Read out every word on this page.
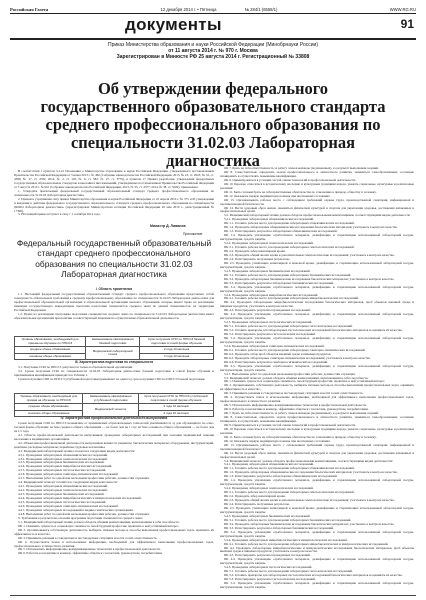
Российская Газета	12 декабря 2014 г. • Пятница	№ 284/1 (6558/1)	WWW.RG.RU
документы	91
Приказ Министерства образования и науки Российской Федерации (Минобрнауки России)
от 11 августа 2014 г. № 970 г. Москва
Зарегистрирован в Минюсте РФ 25 августа 2014 г. Регистрационный № 33808
Об утверждении федерального государственного образовательного стандарта среднего профессионального образования по специальности 31.02.03 Лабораторная диагностика

В соответствии с пунктом 5.2.41 Положения о Министерстве образования и науки Российской Федерации, утвержденного постановлением Правительства Российской Федерации от 3 июня 2013 г. № 466 (Собрание законодательства Российской Федерации, 2013, № 23, ст. 2923; № 33, ст. 4386; № 37, ст. 4702; 2014, № 2, ст. 126; № 6, ст. 582; № 27, ст. 3776), и пунктом 17 Правил разработки, утверждения федеральных государственных образовательных стандартов и внесения в них изменений, утвержденных постановлением Правительства Российской Федерации от 5 августа 2013 г. № 661 (Собрание законодательства Российской Федерации, 2013, № 33, ст. 4377; 2014, № 38, ст. 5069), приказываю:

1. Утвердить прилагаемый федеральный государственный образовательный стандарт среднего профессионального образования по специальности 31.02.03 Лабораторная диагностика.

2. Признать утратившим силу приказ Министерства образования и науки Российской Федерации от 22 апреля 2010 г. № 375 «Об утверждении и введении в действие федерального государственного образовательного стандарта среднего профессионального образования по специальности 060604 Лабораторная диагностика» (зарегистрирован Министерством юстиции Российской Федерации 26 мая 2010 г., регистрационный № 17390).

3. Настоящий приказ вступает в силу с 1 сентября 2014 года.

Министр Д. Ливанов
Приложение
Федеральный государственный образовательный стандарт среднего профессионального образования по специальности 31.02.03 Лабораторная диагностика

I. Область применения

1.1. Настоящий федеральный государственный образовательный стандарт среднего профессионального образования представляет собой совокупность обязательных требований к среднему профессиональному образованию по специальности 31.02.03 Лабораторная диагностика для профессиональной образовательной организации и образовательной организации высшего образования, которые имеют право на реализацию имеющих государственную аккредитацию программ подготовки специалистов среднего звена по данной специальности, на территории Российской Федерации.

1.2. Право на реализацию программы подготовки специалистов среднего звена по специальности 31.02.03 Лабораторная диагностика имеет образовательная организация при наличии соответствующей лицензии на осуществление образовательной деятельности.

Уровень образования, необходимый для приема на обучение по ППССЗ	Наименование квалификации базовой подготовки	Срок получения СПО по ППССЗ базовой подготовки в очной форме обучения
среднее общее образование	Медицинский лабораторный техник	2 года 10 месяцев
основное общее образование		3 года 10 месяцев

III. Характеристика подготовки по специальности

3.1. Получение СПО по ППССЗ допускается только в образовательной организации.

3.2. Сроки получения СПО по специальности 31.02.03 Лабораторная диагностика базовой подготовки в очной форме обучения и присваиваемая квалификация приводятся в Таблице 1.

Сроки получения СПО по ППССЗ углубленной подготовки превышают на один год срок получения СПО по ППССЗ базовой подготовки.

Уровень образования, необходимый для приема на обучение по ППССЗ	Наименование квалификации углубленной подготовки	Срок получения СПО по ППССЗ углубленной подготовки в очной форме обучения
среднее общее образование	Медицинский технолог	3 года 10 месяцев
основное общее образование		4 года 10 месяцев

IV. Характеристика профессиональной деятельности выпускников

Сроки получения СПО по ППССЗ независимо от применяемых образовательных технологий увеличиваются: а) для обучающихся по очно-заочной форме обучения: на базе среднего общего образования — не более чем на 1 год; на базе основного общего образования — не более чем на 1,5 года.

4.1. Область профессиональной деятельности выпускников: проведение лабораторных исследований при оказании медицинской помощи населению в медицинских организациях.

4.2. Объектами профессиональной деятельности выпускников являются: пациенты; биологические материалы; оборудование, инструментарий, реактивы, расходные материалы; первичные трудовые коллективы.

4.3. Медицинский лабораторный техник готовится к следующим видам деятельности:

4.3.1. Проведение лабораторных общеклинических исследований.

4.3.2. Проведение лабораторных гематологических исследований.

4.3.3. Проведение лабораторных биохимических исследований.

4.3.4. Проведение лабораторных микробиологических исследований.

4.3.5. Проведение лабораторных гистологических исследований.

4.3.6. Проведение лабораторных санитарно-гигиенических исследований.

4.3.7. Выполнение работ по одной или нескольким профессиям рабочих, должностям служащих.

4.4. Медицинский технолог готовится к следующим видам деятельности:

4.4.1. Проведение лабораторных общеклинических исследований.

4.4.2. Проведение лабораторных гематологических исследований.

4.4.3. Проведение лабораторных биохимических исследований.

4.4.4. Проведение лабораторных микробиологических и иммунологических исследований.

4.4.5. Проведение лабораторных гистологических исследований.

4.4.6. Проведение лабораторных санитарно-гигиенических исследований.

4.4.7. Проведение лабораторных исследований в медико-генетических организациях.

4.4.8. Выполнение работ по одной или нескольким профессиям рабочих, должностям служащих.

V. Требования к результатам освоения программы подготовки специалистов среднего звена

5.1. Медицинский лабораторный техник должен обладать общими компетенциями, включающими в себя способность:

ОК 1. Понимать сущность и социальную значимость своей будущей профессии, проявлять к ней устойчивый интерес.

ОК 2. Организовывать собственную деятельность, выбирать типовые методы и способы выполнения профессиональных задач, оценивать их эффективность и качество.

ОК 3. Принимать решения в стандартных и нестандартных ситуациях и нести за них ответственность.

ОК 4. Осуществлять поиск и использование информации, необходимой для эффективного выполнения профессиональных задач, профессионального и личностного развития.

ОК 5. Использовать информационно-коммуникационные технологии в профессиональной деятельности.

ОК 6. Работать в коллективе и команде, эффективно общаться с коллегами, руководством, потребителями.

ОК 7. Брать на себя ответственность за работу членов команды (подчиненных), за результат выполнения заданий.

ОК 8. Самостоятельно определять задачи профессионального и личностного развития, заниматься самообразованием, осознанно планировать и осуществлять повышение квалификации.

ОК 9. Ориентироваться в условиях частой смены технологий в профессиональной деятельности.

ОК 10. Бережно относиться к историческому наследию и культурным традициям народа, уважать социальные, культурные и религиозные различия.

ОК 11. Быть готовым брать на себя нравственные обязательства по отношению к природе, обществу и человеку.

ОК 12. Оказывать первую медицинскую помощь при неотложных состояниях.

ОК 13. Организовывать рабочее место с соблюдением требований охраны труда, производственной санитарии, инфекционной и противопожарной безопасности.

ОК 14. Вести здоровый образ жизни, заниматься физической культурой и спортом для укрепления здоровья, достижения жизненных и профессиональных целей.

5.2. Медицинский лабораторный техник должен обладать профессиональными компетенциями, соответствующими видам деятельности:

5.2.1. Проведение лабораторных общеклинических исследований.

ПК 1.1. Готовить рабочее место для проведения лабораторных общеклинических исследований.

ПК 1.2. Проводить лабораторные общеклинические исследования биологических материалов; участвовать в контроле качества.

ПК 1.3. Регистрировать результаты лабораторных общеклинических исследований.

ПК 1.4. Проводить утилизацию отработанного материала, дезинфекцию и стерилизацию использованной лабораторной посуды, инструментария, средств защиты.

5.2.2. Проведение лабораторных гематологических исследований.

ПК 2.1. Готовить рабочее место для проведения лабораторных гематологических исследований.

ПК 2.2. Проводить забор капиллярной крови.

ПК 2.3. Проводить общий анализ крови и дополнительные гематологические исследования; участвовать в контроле качества.

ПК 2.4. Регистрировать полученные результаты.

ПК 2.5. Проводить утилизацию капиллярной и венозной крови, дезинфекцию и стерилизацию использованной лабораторной посуды, инструментария, средств защиты.

5.2.3. Проведение лабораторных биохимических исследований.

ПК 3.1. Готовить рабочее место для проведения лабораторных биохимических исследований.

ПК 3.2. Проводить лабораторные биохимические исследования биологических материалов; участвовать в контроле качества.

ПК 3.3. Регистрировать результаты лабораторных биохимических исследований.

ПК 3.4. Проводить утилизацию отработанного материала, дезинфекцию и стерилизацию использованной лабораторной посуды, инструментария, средств защиты.

5.2.4. Проведение лабораторных микробиологических исследований.

ПК 4.1. Готовить рабочее место для проведения лабораторных микробиологических исследований.

ПК 4.2. Проводить лабораторные микробиологические исследования биологических материалов, проб объектов внешней среды и пищевых продуктов; участвовать в контроле качества.

ПК 4.3. Регистрировать результаты проведенных исследований.

ПК 4.4. Проводить утилизацию отработанного материала, дезинфекцию и стерилизацию использованной лабораторной посуды, инструментария, средств защиты.

5.2.5. Проведение лабораторных гистологических исследований.

ПК 5.1. Готовить рабочее место для проведения лабораторных гистологических исследований.

ПК 5.2. Готовить препараты для лабораторных гистологических исследований биологических материалов и оценивать их качество.

ПК 5.3. Регистрировать результаты гистологических исследований.

ПК 5.4. Проводить утилизацию отработанного материала, дезинфекцию и стерилизацию использованной лабораторной посуды, инструментария, средств защиты.

5.2.6. Проведение лабораторных санитарно-гигиенических исследований.

ПК 6.1. Готовить рабочее место для проведения лабораторных санитарно-гигиенических исследований.

ПК 6.2. Проводить отбор проб объектов внешней среды и пищевых продуктов.

ПК 6.3. Проводить лабораторные санитарно-гигиенические исследования; участвовать в контроле качества.

ПК 6.4. Регистрировать результаты санитарно-гигиенических исследований.

ПК 6.5. Проводить утилизацию отработанного материала, дезинфекцию и стерилизацию использованной лабораторной посуды, инструментария, средств защиты.

5.2.7. Выполнение работ по одной или нескольким профессиям рабочих, должностям служащих.

5.3. Медицинский технолог должен обладать общими компетенциями, включающими в себя способность:

ОК 1. Понимать сущность и социальную значимость своей будущей профессии, проявлять к ней устойчивый интерес.

ОК 2. Организовывать собственную деятельность, выбирать типовые методы и способы выполнения профессиональных задач, оценивать их эффективность и качество.

ОК 3. Принимать решения в стандартных и нестандартных ситуациях и нести за них ответственность.

ОК 4. Осуществлять поиск и использование информации, необходимой для эффективного выполнения профессиональных задач, профессионального и личностного развития.

ОК 5. Использовать информационно-коммуникационные технологии в профессиональной деятельности.

ОК 6. Работать в коллективе и команде, эффективно общаться с коллегами, руководством, потребителями.

ОК 7. Брать на себя ответственность за работу членов команды (подчиненных), за результат выполнения заданий.

ОК 8. Самостоятельно определять задачи профессионального и личностного развития, заниматься самообразованием, осознанно планировать и осуществлять повышение квалификации.

ОК 9. Ориентироваться в условиях частой смены технологий в профессиональной деятельности.

ОК 10. Бережно относиться к историческому наследию и культурным традициям народа, уважать социальные, культурные и религиозные различия.

ОК 11. Быть готовым брать на себя нравственные обязательства по отношению к природе, обществу и человеку.

ОК 12. Оказывать первую медицинскую помощь при неотложных состояниях.

ОК 13. Организовывать рабочее место с соблюдением требований охраны труда, производственной санитарии, инфекционной и противопожарной безопасности.

ОК 14. Вести здоровый образ жизни, заниматься физической культурой и спортом для укрепления здоровья, достижения жизненных и профессиональных целей.

5.4. Медицинский технолог должен обладать профессиональными компетенциями, соответствующими видам деятельности:

5.4.1. Проведение лабораторных общеклинических исследований.

ПК 1.1. Готовить рабочее место для проведения лабораторных общеклинических исследований.

ПК 1.2. Проводить лабораторные общеклинические исследования биологических материалов; участвовать в контроле качества.

ПК 1.3. Регистрировать результаты лабораторных общеклинических исследований.

ПК 1.4. Проводить утилизацию отработанного материала, дезинфекцию и стерилизацию использованной лабораторной посуды, инструментария, средств защиты.

5.4.2. Проведение лабораторных гематологических исследований.

ПК 2.1. Готовить рабочее место для проведения лабораторных гематологических исследований.

ПК 2.2. Проводить забор капиллярной крови.

ПК 2.3. Проводить общий анализ крови и дополнительные гематологические исследования; участвовать в контроле качества.

ПК 2.4. Регистрировать полученные результаты.

ПК 2.5. Проводить утилизацию капиллярной и венозной крови, дезинфекцию и стерилизацию использованной лабораторной посуды, инструментария, средств защиты.

5.4.3. Проведение лабораторных биохимических исследований.

ПК 3.1. Готовить рабочее место для проведения лабораторных биохимических исследований.

ПК 3.2. Проводить лабораторные биохимические исследования биологических материалов; участвовать в контроле качества.

ПК 3.3. Регистрировать результаты лабораторных биохимических исследований.

ПК 3.4. Проводить утилизацию отработанного материала, дезинфекцию и стерилизацию использованной лабораторной посуды, инструментария, средств защиты.

5.4.4. Проведение лабораторных микробиологических и иммунологических исследований.

ПК 4.1. Готовить рабочее место для проведения лабораторных микробиологических и иммунологических исследований.

ПК 4.2. Проводить лабораторные микробиологические и иммунологические исследования биологических материалов, проб объектов внешней среды и пищевых продуктов; участвовать в контроле качества.

ПК 4.3. Регистрировать результаты проведенных исследований.

ПК 4.4. Проводить утилизацию отработанного материала, дезинфекцию и стерилизацию использованной лабораторной посуды, инструментария, средств защиты.

5.4.5. Проведение лабораторных гистологических исследований.

ПК 5.1. Готовить рабочее место для проведения лабораторных гистологических исследований.

ПК 5.2. Готовить препараты для лабораторных гистологических исследований биологических материалов и оценивать их качество.

ПК 5.3. Регистрировать результаты гистологических исследований.

ПК 5.4. Проводить утилизацию отработанного материала, дезинфекцию и стерилизацию использованной лабораторной посуды, инструментария, средств защиты.
